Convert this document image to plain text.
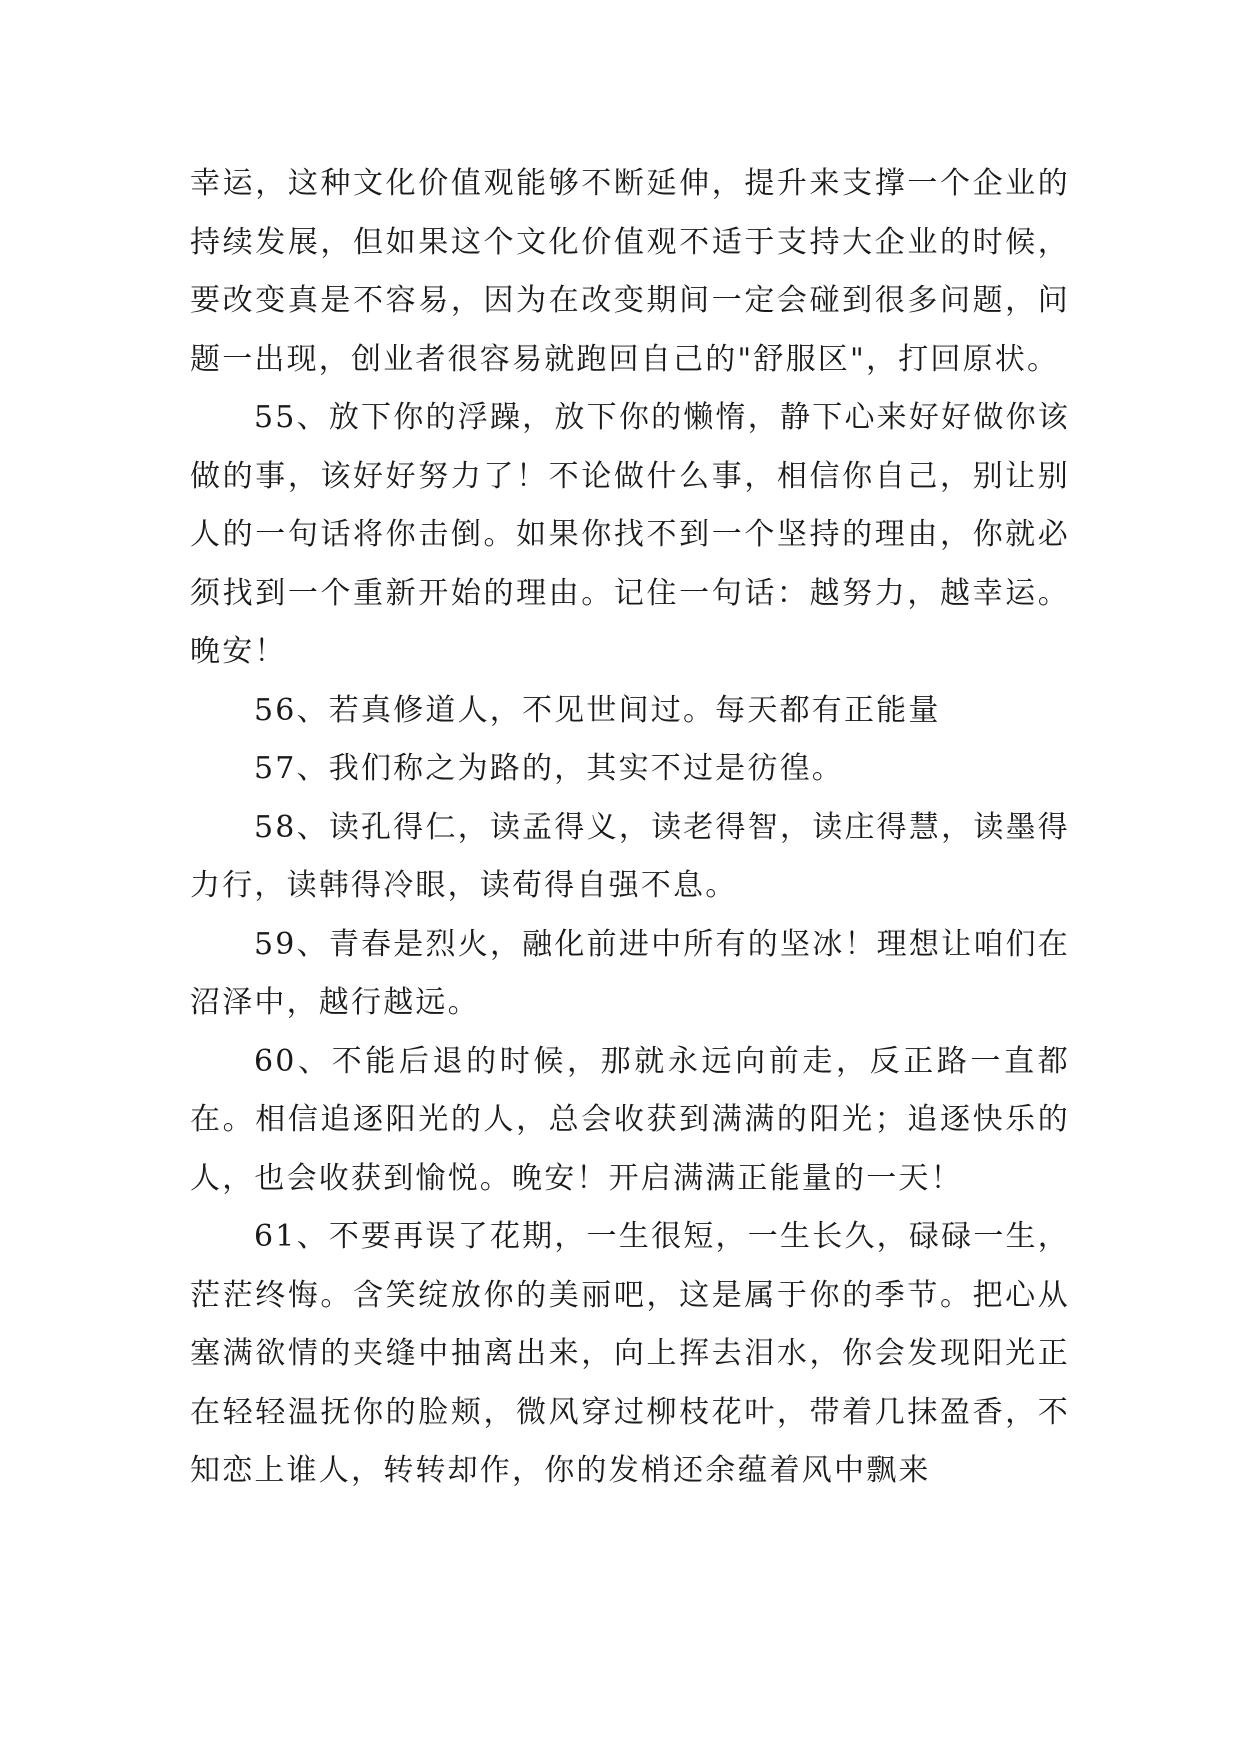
幸运，这种文化价值观能够不断延伸，提升来支撑一个企业的持续发展，但如果这个文化价值观不适于支持大企业的时候，要改变真是不容易，因为在改变期间一定会碰到很多问题，问题一出现，创业者很容易就跑回自己的"舒服区"，打回原状。

55、放下你的浮躁，放下你的懒惰，静下心来好好做你该做的事，该好好努力了！不论做什么事，相信你自己，别让别人的一句话将你击倒。如果你找不到一个坚持的理由，你就必须找到一个重新开始的理由。记住一句话：越努力，越幸运。晚安！

56、若真修道人，不见世间过。每天都有正能量

57、我们称之为路的，其实不过是彷徨。

58、读孔得仁，读孟得义，读老得智，读庄得慧，读墨得力行，读韩得冷眼，读荀得自强不息。

59、青春是烈火，融化前进中所有的坚冰！理想让咱们在沼泽中，越行越远。

60、不能后退的时候，那就永远向前走，反正路一直都在。相信追逐阳光的人，总会收获到满满的阳光；追逐快乐的人，也会收获到愉悦。晚安！开启满满正能量的一天！

61、不要再误了花期，一生很短，一生长久，碌碌一生，茫茫终悔。含笑绽放你的美丽吧，这是属于你的季节。把心从塞满欲情的夹缝中抽离出来，向上挥去泪水，你会发现阳光正在轻轻温抚你的脸颊，微风穿过柳枝花叶，带着几抹盈香，不知恋上谁人，转转却作，你的发梢还余蕴着风中飘来
